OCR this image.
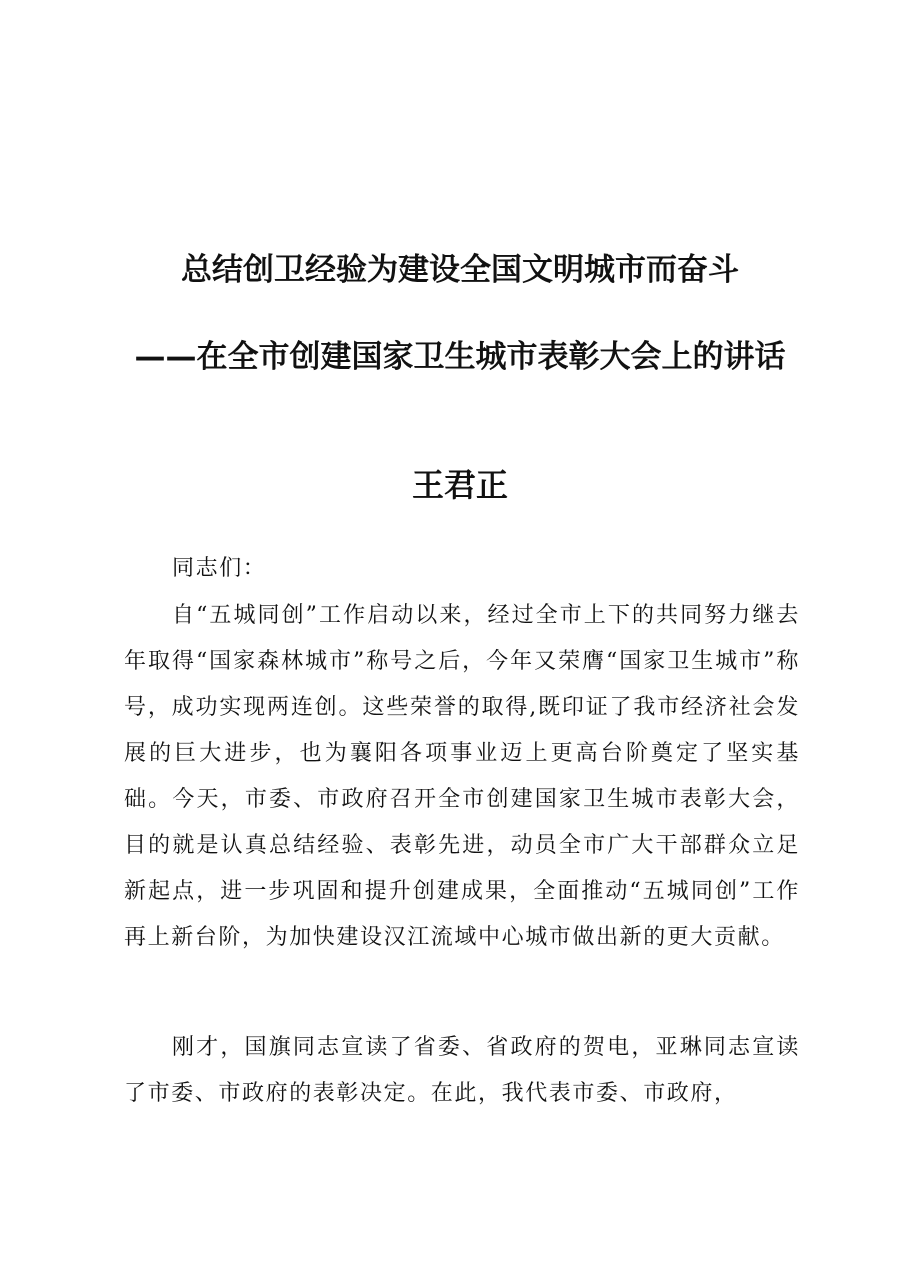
总结创卫经验为建设全国文明城市而奋斗
——在全市创建国家卫生城市表彰大会上的讲话
王君正

同志们：

自“五城同创”工作启动以来，经过全市上下的共同努力继去年取得“国家森林城市”称号之后，今年又荣膺“国家卫生城市”称号，成功实现两连创。这些荣誉的取得,既印证了我市经济社会发展的巨大进步，也为襄阳各项事业迈上更高台阶奠定了坚实基础。今天，市委、市政府召开全市创建国家卫生城市表彰大会，目的就是认真总结经验、表彰先进，动员全市广大干部群众立足新起点，进一步巩固和提升创建成果，全面推动“五城同创”工作再上新台阶，为加快建设汉江流域中心城市做出新的更大贡献。

刚才，国旗同志宣读了省委、省政府的贺电，亚琳同志宣读了市委、市政府的表彰决定。在此，我代表市委、市政府，
